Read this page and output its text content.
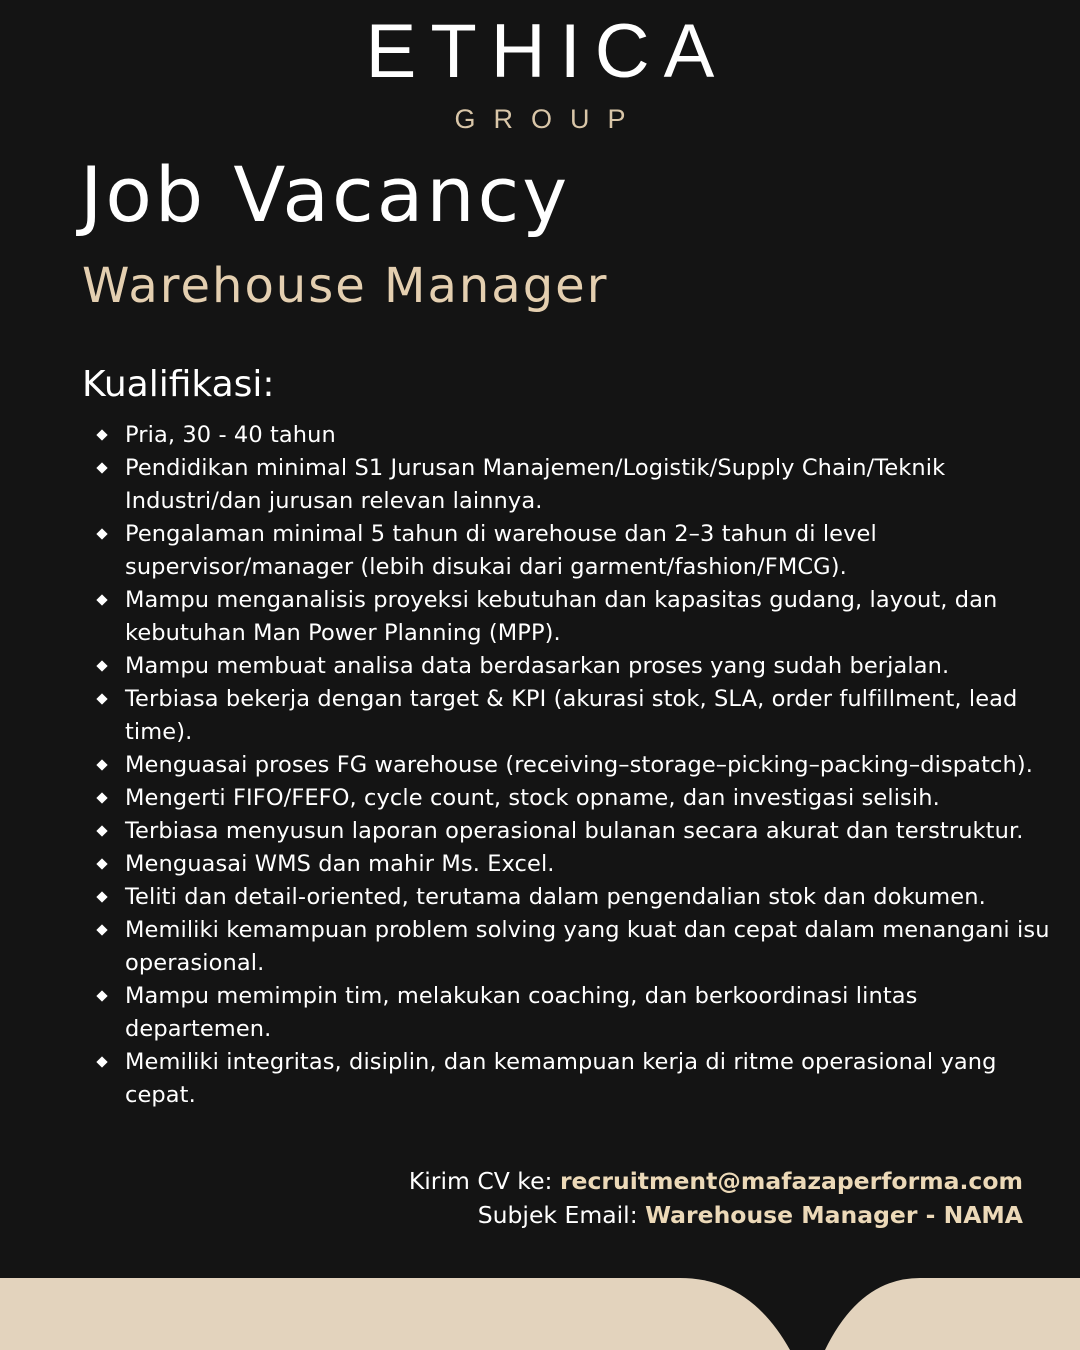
ETHICA
GROUP
Job Vacancy
Warehouse Manager
Kualifikasi:
Pria, 30 - 40 tahun
Pendidikan minimal S1 Jurusan Manajemen/Logistik/Supply Chain/Teknik Industri/dan jurusan relevan lainnya.
Pengalaman minimal 5 tahun di warehouse dan 2–3 tahun di level supervisor/manager (lebih disukai dari garment/fashion/FMCG).
Mampu menganalisis proyeksi kebutuhan dan kapasitas gudang, layout, dan kebutuhan Man Power Planning (MPP).
Mampu membuat analisa data berdasarkan proses yang sudah berjalan.
Terbiasa bekerja dengan target & KPI (akurasi stok, SLA, order fulfillment, lead time).
Menguasai proses FG warehouse (receiving–storage–picking–packing–dispatch).
Mengerti FIFO/FEFO, cycle count, stock opname, dan investigasi selisih.
Terbiasa menyusun laporan operasional bulanan secara akurat dan terstruktur.
Menguasai WMS dan mahir Ms. Excel.
Teliti dan detail-oriented, terutama dalam pengendalian stok dan dokumen.
Memiliki kemampuan problem solving yang kuat dan cepat dalam menangani isu operasional.
Mampu memimpin tim, melakukan coaching, dan berkoordinasi lintas departemen.
Memiliki integritas, disiplin, dan kemampuan kerja di ritme operasional yang cepat.
Kirim CV ke: recruitment@mafazaperforma.com
Subjek Email: Warehouse Manager - NAMA
